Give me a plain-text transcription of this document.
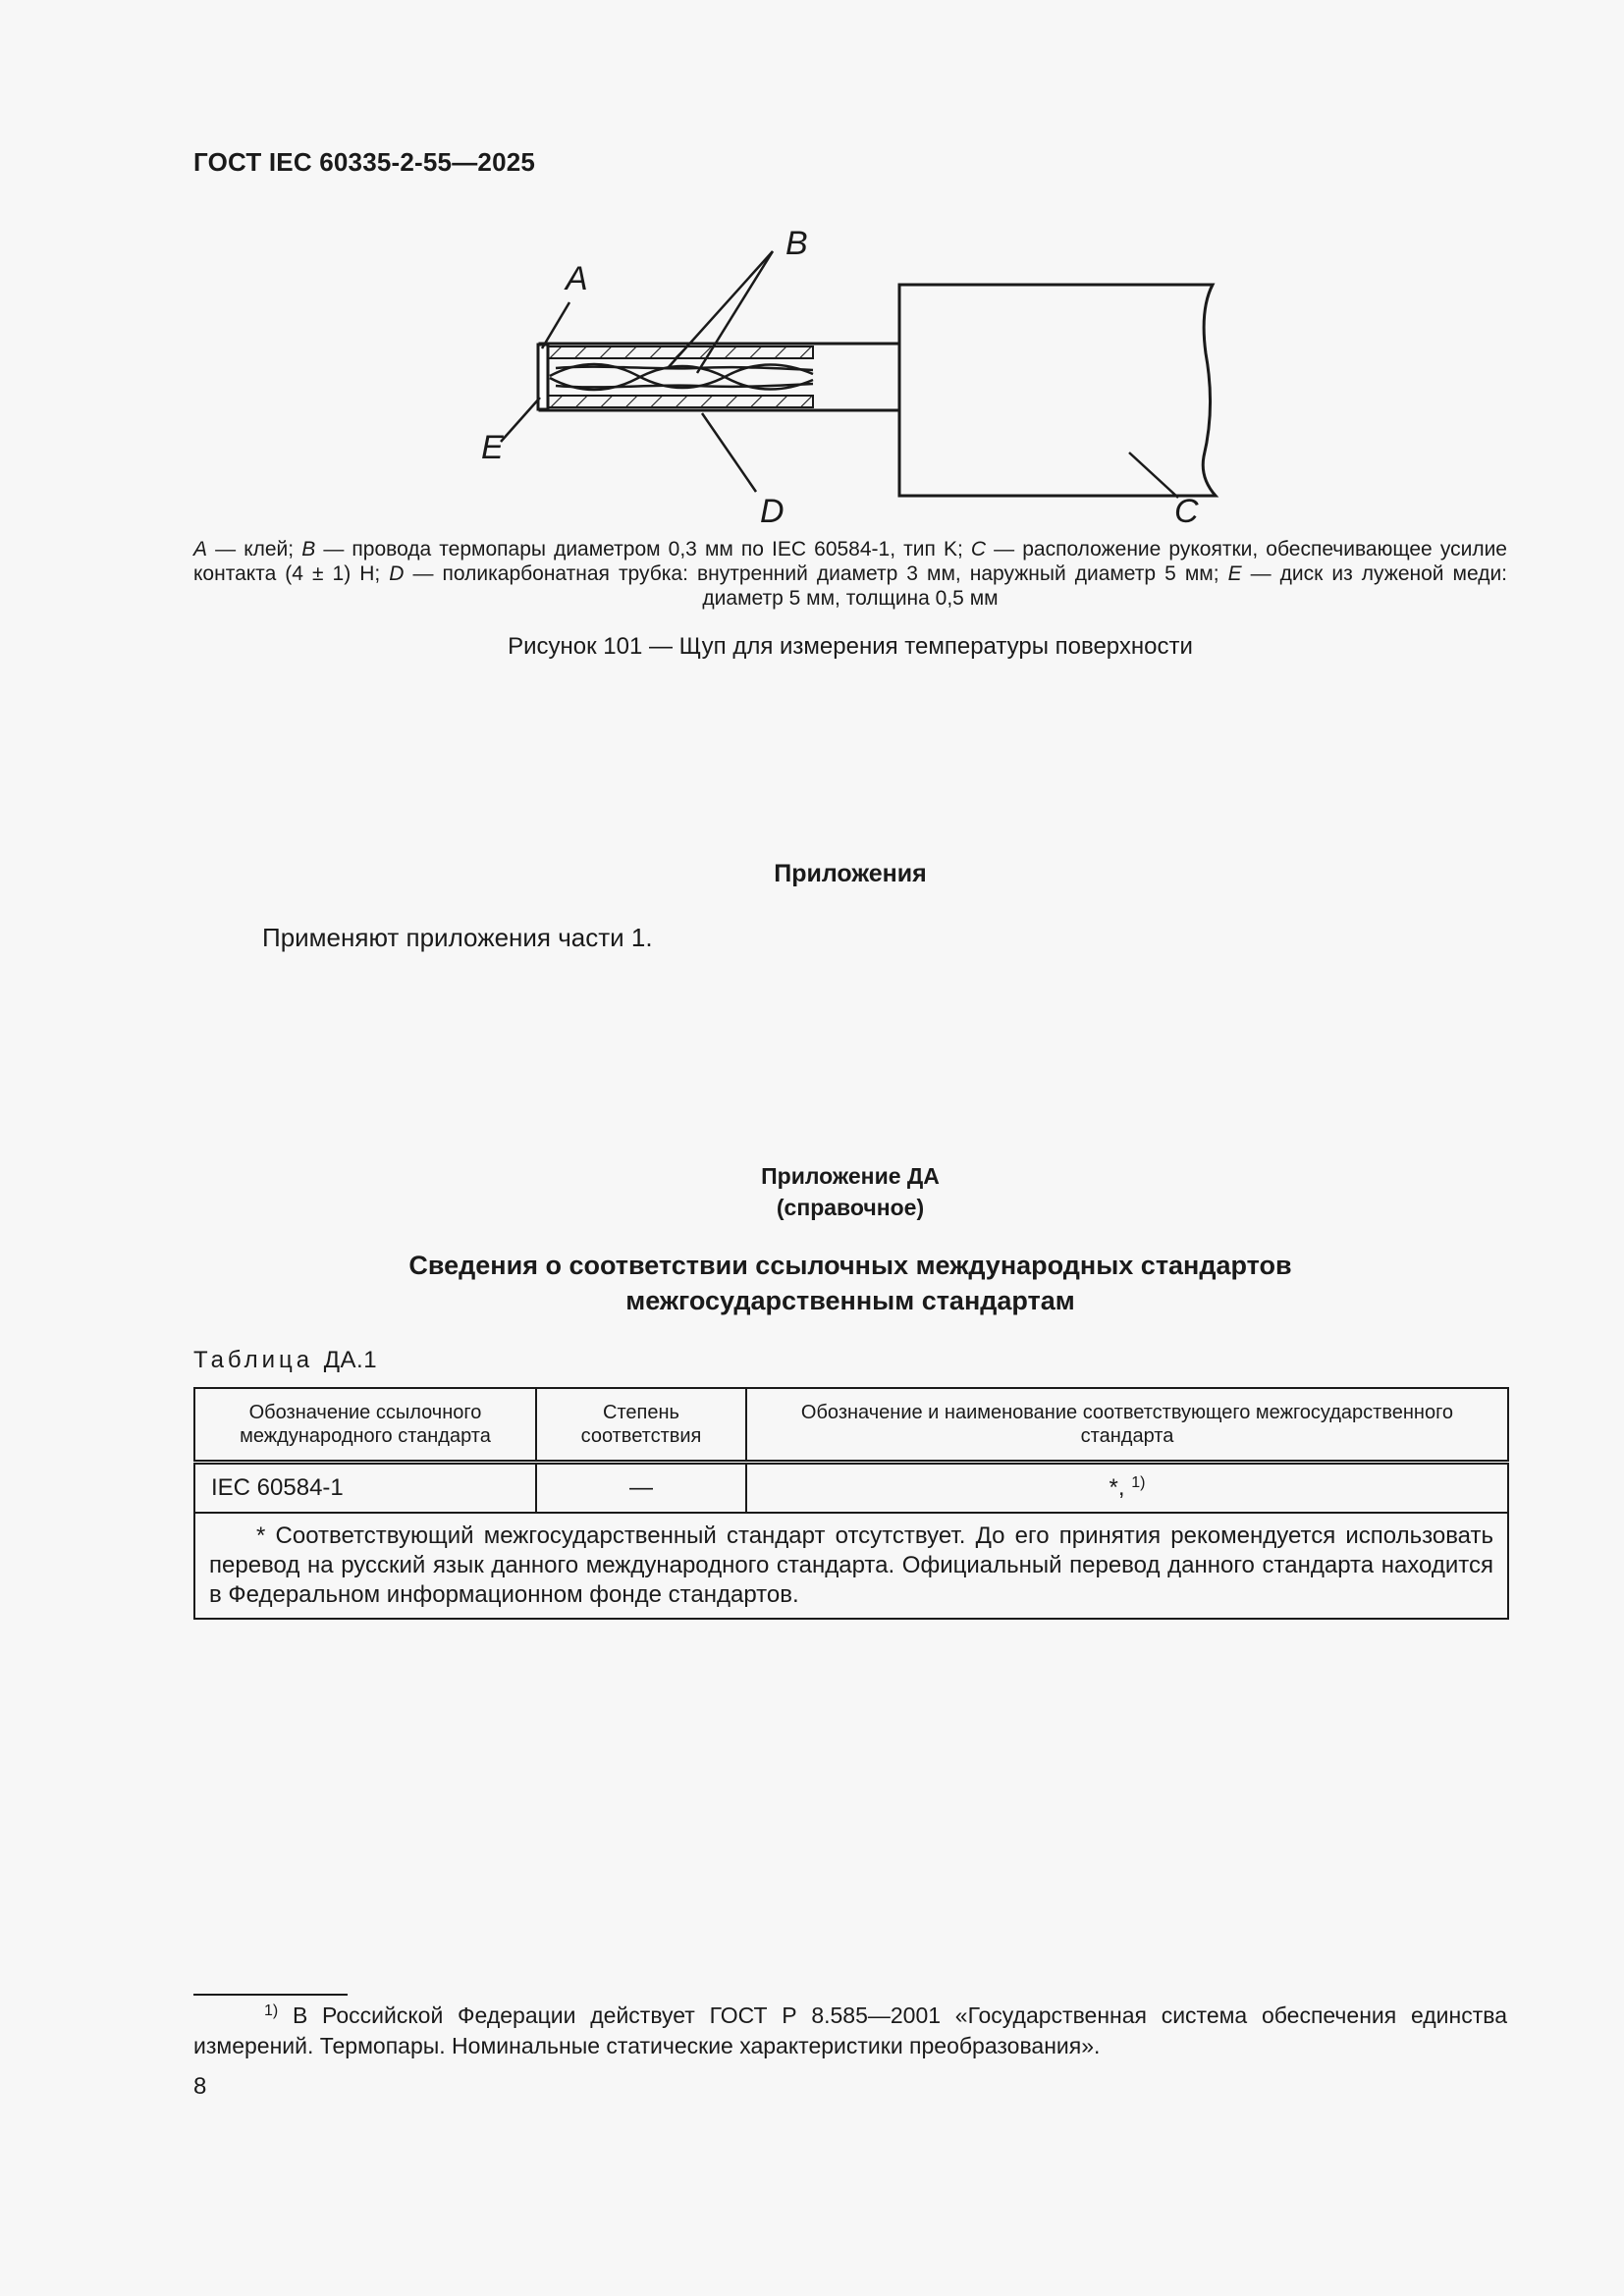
ГОСТ IEC 60335-2-55—2025
A
B
E
D	C
A — клей; B — провода термопары диаметром 0,3 мм по IEC 60584-1, тип K; C — расположение рукоятки, обеспечивающее усилие контакта (4 ± 1) Н; D — поликарбонатная трубка: внутренний диаметр 3 мм, наружный диаметр 5 мм; E — диск из луженой меди: диаметр 5 мм, толщина 0,5 мм
Рисунок 101 — Щуп для измерения температуры поверхности
Приложения
Применяют приложения части 1.
Приложение ДА
(справочное)
Сведения о соответствии ссылочных международных стандартов
межгосударственным стандартам
Таблица ДА.1
Обозначение ссылочного международного стандарта	Степень соответствия	Обозначение и наименование соответствующего межгосударственного стандарта
IEC 60584-1	—	*, $^{1)}$
* Соответствующий межгосударственный стандарт отсутствует. До его принятия рекомендуется использовать перевод на русский язык данного международного стандарта. Официальный перевод данного стандарта находится в Федеральном информационном фонде стандартов.		
$^{1)}$ В Российской Федерации действует ГОСТ Р 8.585—2001 «Государственная система обеспечения единства измерений. Термопары. Номинальные статические характеристики преобразования».
8
